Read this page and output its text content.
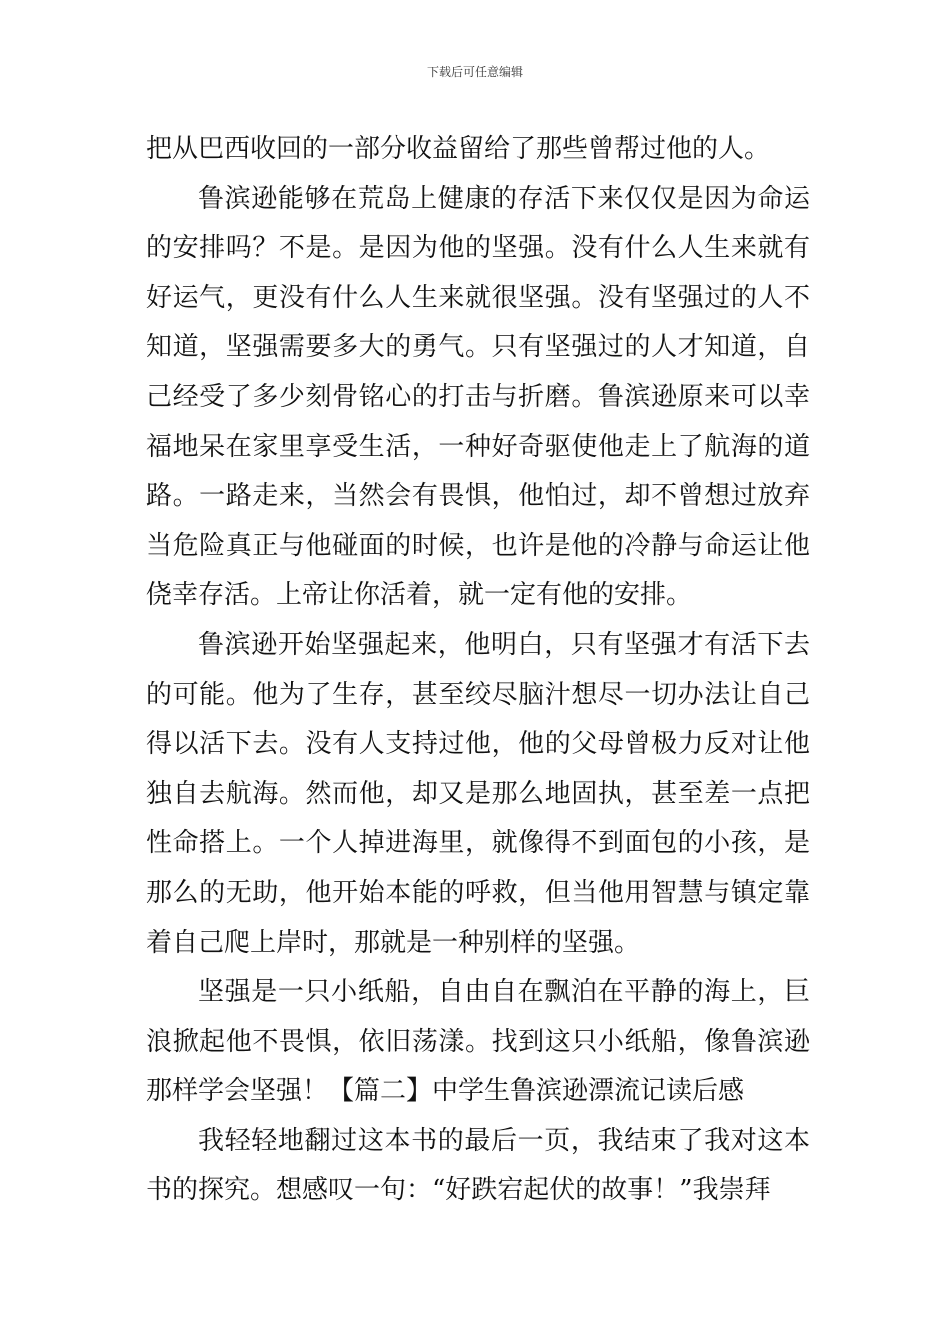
下载后可任意编辑

把从巴西收回的一部分收益留给了那些曾帮过他的人。

鲁滨逊能够在荒岛上健康的存活下来仅仅是因为命运的安排吗？不是。是因为他的坚强。没有什么人生来就有好运气，更没有什么人生来就很坚强。没有坚强过的人不知道，坚强需要多大的勇气。只有坚强过的人才知道，自己经受了多少刻骨铭心的打击与折磨。鲁滨逊原来可以幸福地呆在家里享受生活，一种好奇驱使他走上了航海的道路。一路走来，当然会有畏惧，他怕过，却不曾想过放弃当危险真正与他碰面的时候，也许是他的冷静与命运让他侥幸存活。上帝让你活着，就一定有他的安排。

鲁滨逊开始坚强起来，他明白，只有坚强才有活下去的可能。他为了生存，甚至绞尽脑汁想尽一切办法让自己得以活下去。没有人支持过他，他的父母曾极力反对让他独自去航海。然而他，却又是那么地固执，甚至差一点把性命搭上。一个人掉进海里，就像得不到面包的小孩，是那么的无助，他开始本能的呼救，但当他用智慧与镇定靠着自己爬上岸时，那就是一种别样的坚强。

坚强是一只小纸船，自由自在飘泊在平静的海上，巨浪掀起他不畏惧，依旧荡漾。找到这只小纸船，像鲁滨逊那样学会坚强！【篇二】中学生鲁滨逊漂流记读后感

我轻轻地翻过这本书的最后一页，我结束了我对这本书的探究。想感叹一句：“好跌宕起伏的故事！”我崇拜
